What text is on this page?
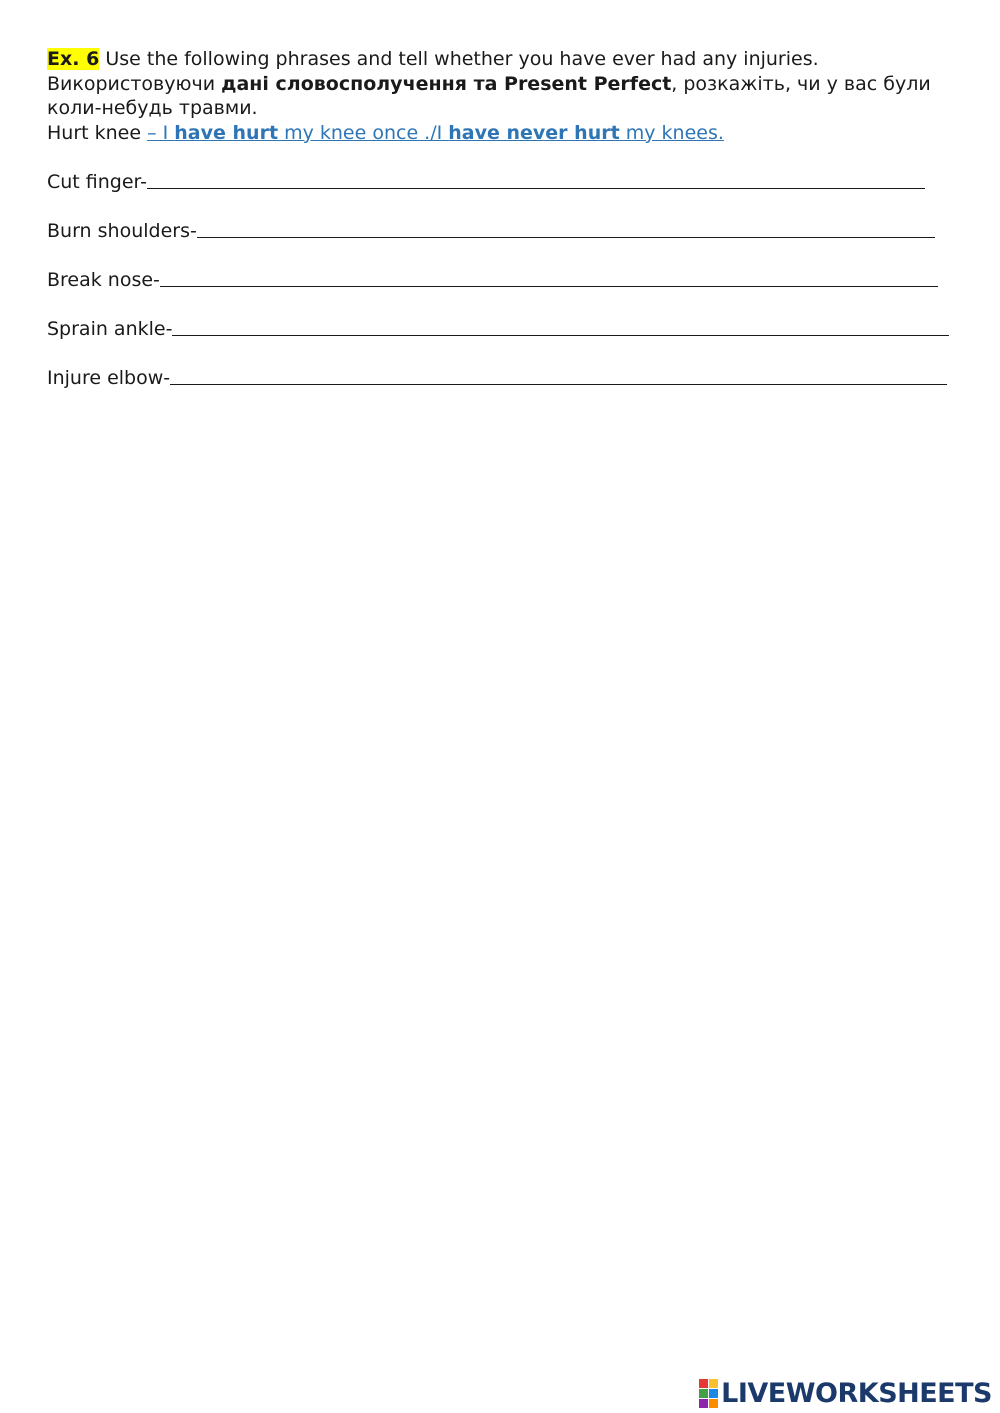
Ex. 6 Use the following phrases and tell whether you have ever had any injuries.
Використовуючи дані словосполучення та Present Perfect, розкажіть, чи у вас були коли-небудь травми.
Hurt knee – I have hurt my knee once ./I have never hurt my knees.
Cut finger-
Burn shoulders-
Break nose-
Sprain ankle-
Injure elbow-
LIVEWORKSHEETS
